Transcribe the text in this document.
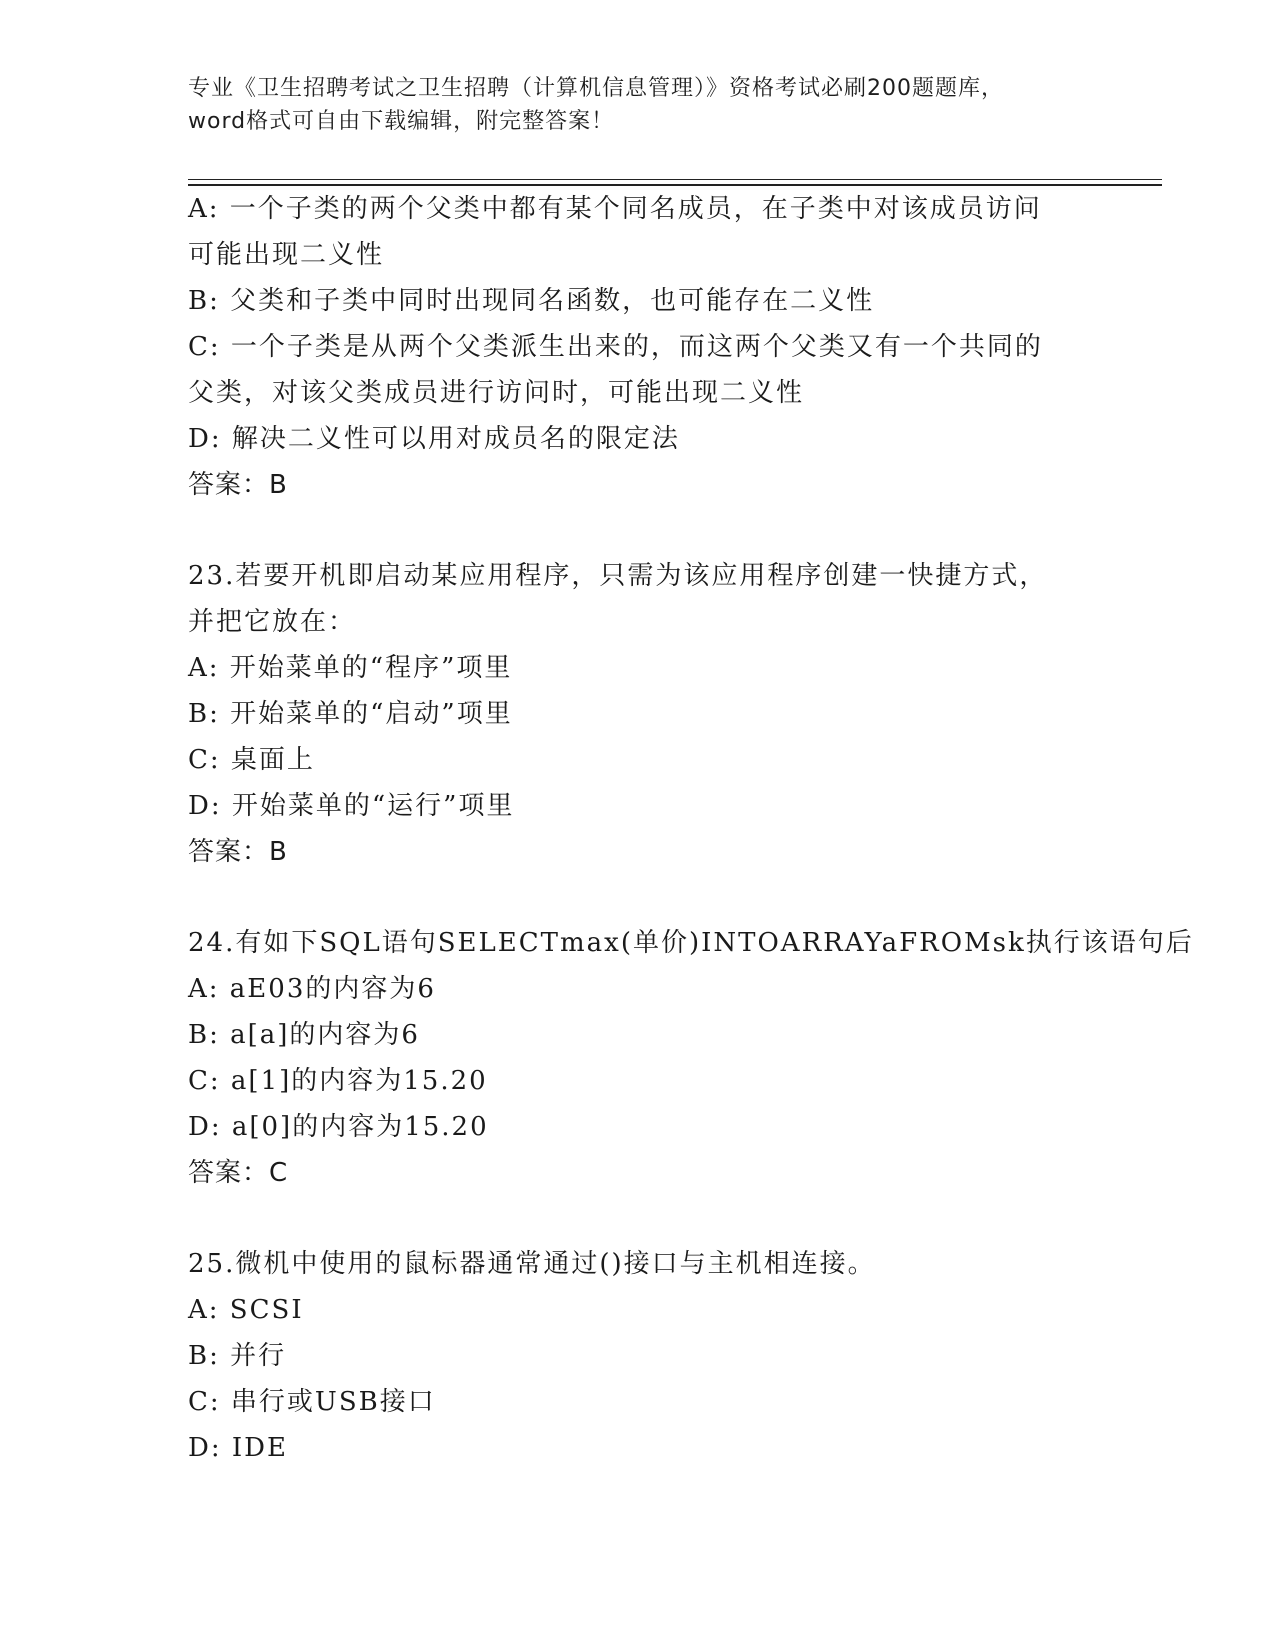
专业《卫生招聘考试之卫生招聘（计算机信息管理）》资格考试必刷200题题库，
word格式可自由下载编辑，附完整答案！
A: 一个子类的两个父类中都有某个同名成员，在子类中对该成员访问
可能出现二义性
B: 父类和子类中同时出现同名函数，也可能存在二义性
C: 一个子类是从两个父类派生出来的，而这两个父类又有一个共同的
父类，对该父类成员进行访问时，可能出现二义性
D: 解决二义性可以用对成员名的限定法
答案：B
23.若要开机即启动某应用程序，只需为该应用程序创建一快捷方式，
并把它放在：
A: 开始菜单的“程序”项里
B: 开始菜单的“启动”项里
C: 桌面上
D: 开始菜单的“运行”项里
答案：B
24.有如下SQL语句SELECTmax(单价)INTOARRAYaFROMsk执行该语句后
A: aE03的内容为6
B: a[a]的内容为6
C: a[1]的内容为15.20
D: a[0]的内容为15.20
答案：C
25.微机中使用的鼠标器通常通过()接口与主机相连接。
A: SCSI
B: 并行
C: 串行或USB接口
D: IDE
